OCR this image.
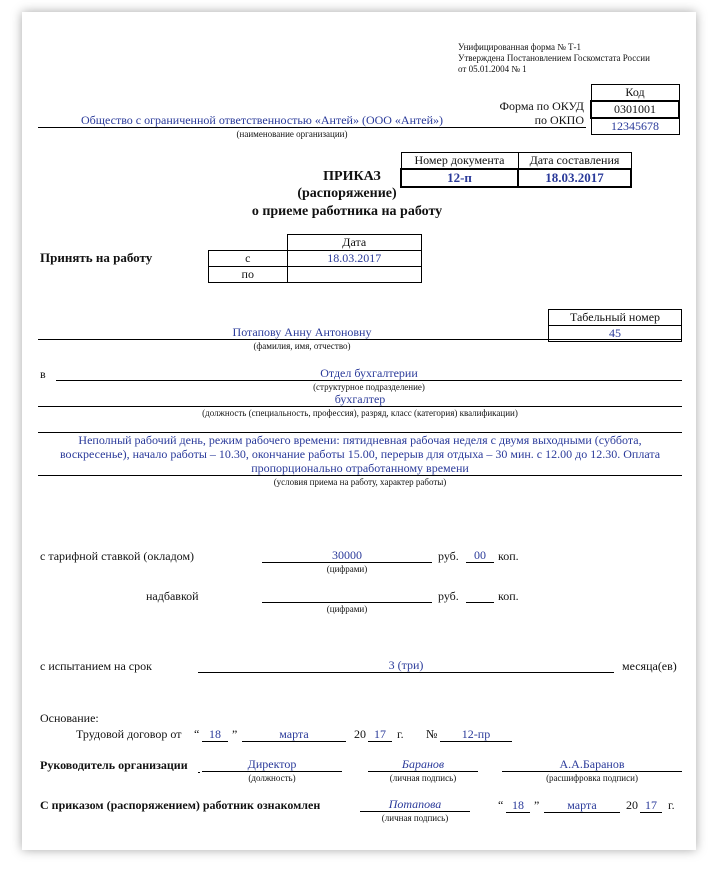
Унифицированная форма № Т-1
Утверждена Постановлением Госкомстата России
от 05.01.2004 № 1
Код
0301001
12345678
Форма по ОКУД
по ОКПО
Общество с ограниченной ответственностью «Антей» (ООО «Антей»)
(наименование организации)
Номер документа	Дата составления
12-п	18.03.2017
ПРИКАЗ
(распоряжение)
о приеме работника на работу
Принять на работу
	Дата
с	18.03.2017
по	
Табельный номер
45
Потапову Анну Антоновну
(фамилия, имя, отчество)
в	Отдел бухгалтерии
(структурное подразделение)
бухгалтер
(должность (специальность, профессия), разряд, класс (категория) квалификации)
Неполный рабочий день, режим рабочего времени: пятидневная рабочая неделя с двумя выходными (суббота,
воскресенье), начало работы – 10.30, окончание работы 15.00, перерыв для отдыха – 30 мин. с 12.00 до 12.30. Оплата
пропорционально отработанному времени
(условия приема на работу, характер работы)
с тарифной ставкой (окладом)	30000
(цифрами)
руб.	00	коп.
надбавкой
(цифрами)
руб.	коп.
с испытанием на срок	3 (три)	месяца(ев)
Основание:
Трудовой договор от “ 18 ”	марта	20 17 г. №	12-пр
Руководитель организации	Директор
(должность)
Баранов
(личная подпись)
А.А.Баранов
(расшифровка подписи)
С приказом (распоряжением) работник ознакомлен	Потапова
(личная подпись)
“ 18 ”	марта	20 17 г.
